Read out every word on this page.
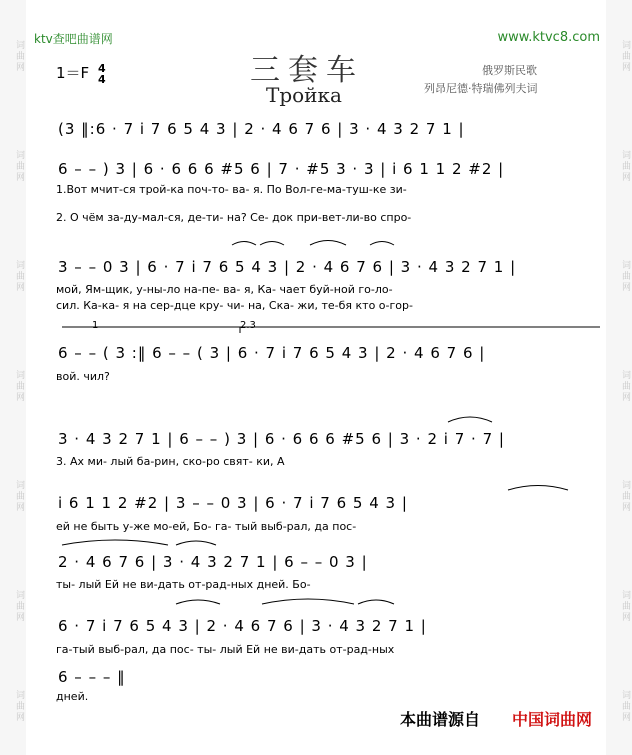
词曲网
词曲网
词曲网
词曲网
词曲网
词曲网
词曲网
词曲网
词曲网
词曲网
词曲网
词曲网
词曲网
词曲网
ktv查吧曲谱网	www.ktvc8.com
1＝F 4
4	三套车
Тройка
俄罗斯民歌
列昂尼德·特瑞佛列夫词
1	2.3
(3 ‖:6 · 7 i 7 6 5 4 3 | 2 · 4 6 7 6 | 3 · 4 3 2 7 1 |
6 – – ) 3 | 6 · 6 6 6 #5 6 | 7 · #5 3 · 3 | i 6 1 1 2 #2 |
1.Вот мчит-ся трой-ка поч-то- ва- я. По Вол-ге-ма-туш-ке зи-
2. О чём за-ду-мал-ся, де-ти- на? Се- док при-вет-ли-во спро-
3 – – 0 3 | 6 · 7 i 7 6 5 4 3 | 2 · 4 6 7 6 | 3 · 4 3 2 7 1 |
мой, Ям-щик, у-ны-ло на-пе- ва- я, Ка- чает буй-ной го-ло-
сил. Ка-ка- я на сер-дце кру- чи- на, Ска- жи, те-бя кто о-гор-
6 – – ( 3 :‖ 6 – – ( 3 | 6 · 7 i 7 6 5 4 3 | 2 · 4 6 7 6 |
вой. чил?
3 · 4 3 2 7 1 | 6 – – ) 3 | 6 · 6 6 6 #5 6 | 3 · 2 i 7 · 7 |
3. Ах ми- лый ба-рин, ско-ро свят- ки, А
i 6 1 1 2 #2 | 3 – – 0 3 | 6 · 7 i 7 6 5 4 3 |
ей не быть у-же мо-ей, Бо- га- тый выб-рал, да пос-
2 · 4 6 7 6 | 3 · 4 3 2 7 1 | 6 – – 0 3 |
ты- лый Ей не ви-дать от-рад-ных дней. Бо-
6 · 7 i 7 6 5 4 3 | 2 · 4 6 7 6 | 3 · 4 3 2 7 1 |
га-тый выб-рал, да пос- ты- лый Ей не ви-дать от-рад-ных
6 – – – ‖
дней.
本曲谱源自 中国词曲网
